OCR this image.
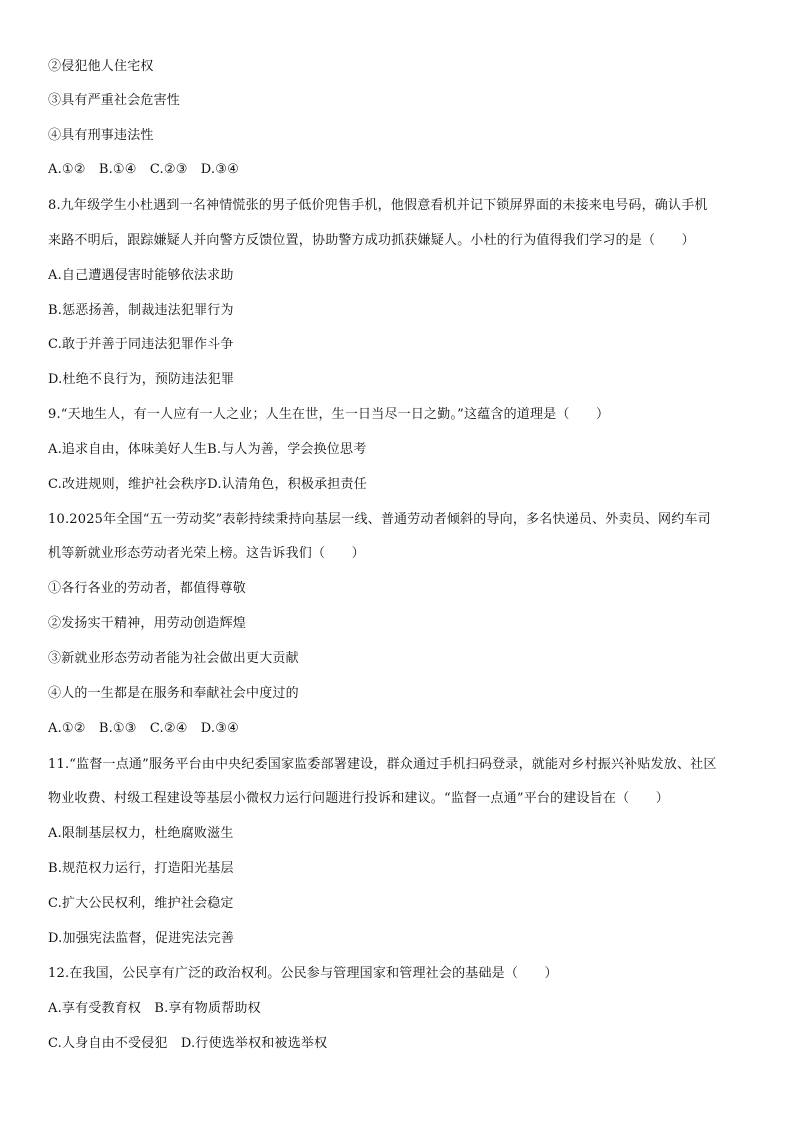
②侵犯他人住宅权
③具有严重社会危害性
④具有刑事违法性
A.①②　B.①④　C.②③　D.③④
8.九年级学生小杜遇到一名神情慌张的男子低价兜售手机，他假意看机并记下锁屏界面的未接来电号码，确认手机
来路不明后，跟踪嫌疑人并向警方反馈位置，协助警方成功抓获嫌疑人。小杜的行为值得我们学习的是（　　）
A.自己遭遇侵害时能够依法求助
B.惩恶扬善，制裁违法犯罪行为
C.敢于并善于同违法犯罪作斗争
D.杜绝不良行为，预防违法犯罪
9.“天地生人，有一人应有一人之业；人生在世，生一日当尽一日之勤。”这蕴含的道理是（　　）
A.追求自由，体味美好人生B.与人为善，学会换位思考
C.改进规则，维护社会秩序D.认清角色，积极承担责任
10.2025年全国“五一劳动奖”表彰持续秉持向基层一线、普通劳动者倾斜的导向，多名快递员、外卖员、网约车司
机等新就业形态劳动者光荣上榜。这告诉我们（　　）
①各行各业的劳动者，都值得尊敬
②发扬实干精神，用劳动创造辉煌
③新就业形态劳动者能为社会做出更大贡献
④人的一生都是在服务和奉献社会中度过的
A.①②　B.①③　C.②④　D.③④
11.“监督一点通”服务平台由中央纪委国家监委部署建设，群众通过手机扫码登录，就能对乡村振兴补贴发放、社区
物业收费、村级工程建设等基层小微权力运行问题进行投诉和建议。“监督一点通”平台的建设旨在（　　）
A.限制基层权力，杜绝腐败滋生
B.规范权力运行，打造阳光基层
C.扩大公民权利，维护社会稳定
D.加强宪法监督，促进宪法完善
12.在我国，公民享有广泛的政治权利。公民参与管理国家和管理社会的基础是（　　）
A.享有受教育权　B.享有物质帮助权
C.人身自由不受侵犯　D.行使选举权和被选举权
